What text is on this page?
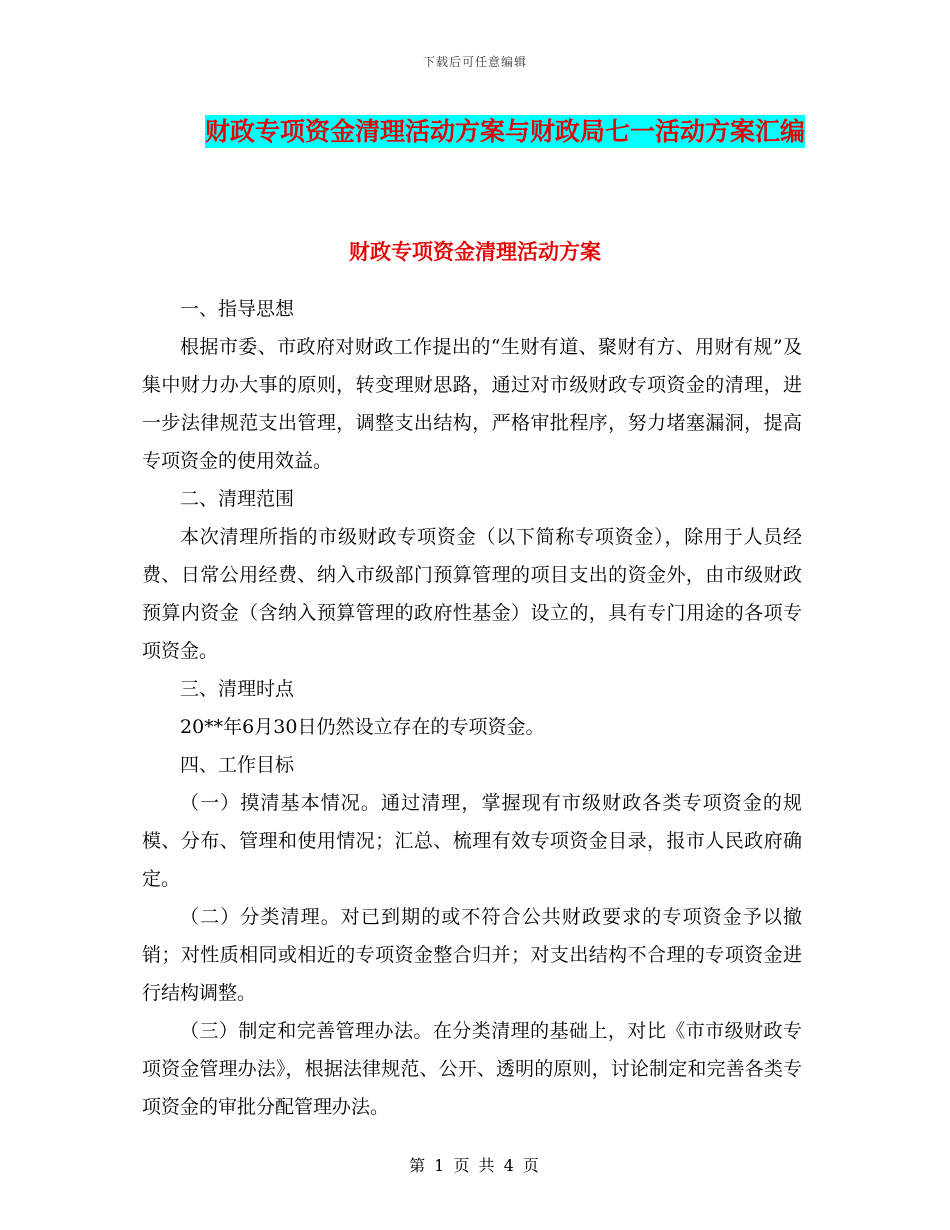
下载后可任意编辑
财政专项资金清理活动方案与财政局七一活动方案汇编
财政专项资金清理活动方案

一、指导思想

根据市委、市政府对财政工作提出的“生财有道、聚财有方、用财有规”及集中财力办大事的原则，转变理财思路，通过对市级财政专项资金的清理，进一步法律规范支出管理，调整支出结构，严格审批程序，努力堵塞漏洞，提高专项资金的使用效益。

二、清理范围

本次清理所指的市级财政专项资金（以下简称专项资金），除用于人员经费、日常公用经费、纳入市级部门预算管理的项目支出的资金外，由市级财政预算内资金（含纳入预算管理的政府性基金）设立的，具有专门用途的各项专项资金。

三、清理时点

20**年6月30日仍然设立存在的专项资金。

四、工作目标

（一）摸清基本情况。通过清理，掌握现有市级财政各类专项资金的规模、分布、管理和使用情况；汇总、梳理有效专项资金目录，报市人民政府确定。

（二）分类清理。对已到期的或不符合公共财政要求的专项资金予以撤销；对性质相同或相近的专项资金整合归并；对支出结构不合理的专项资金进行结构调整。

（三）制定和完善管理办法。在分类清理的基础上，对比《市市级财政专项资金管理办法》，根据法律规范、公开、透明的原则，讨论制定和完善各类专项资金的审批分配管理办法。

第 1 页 共 4 页
